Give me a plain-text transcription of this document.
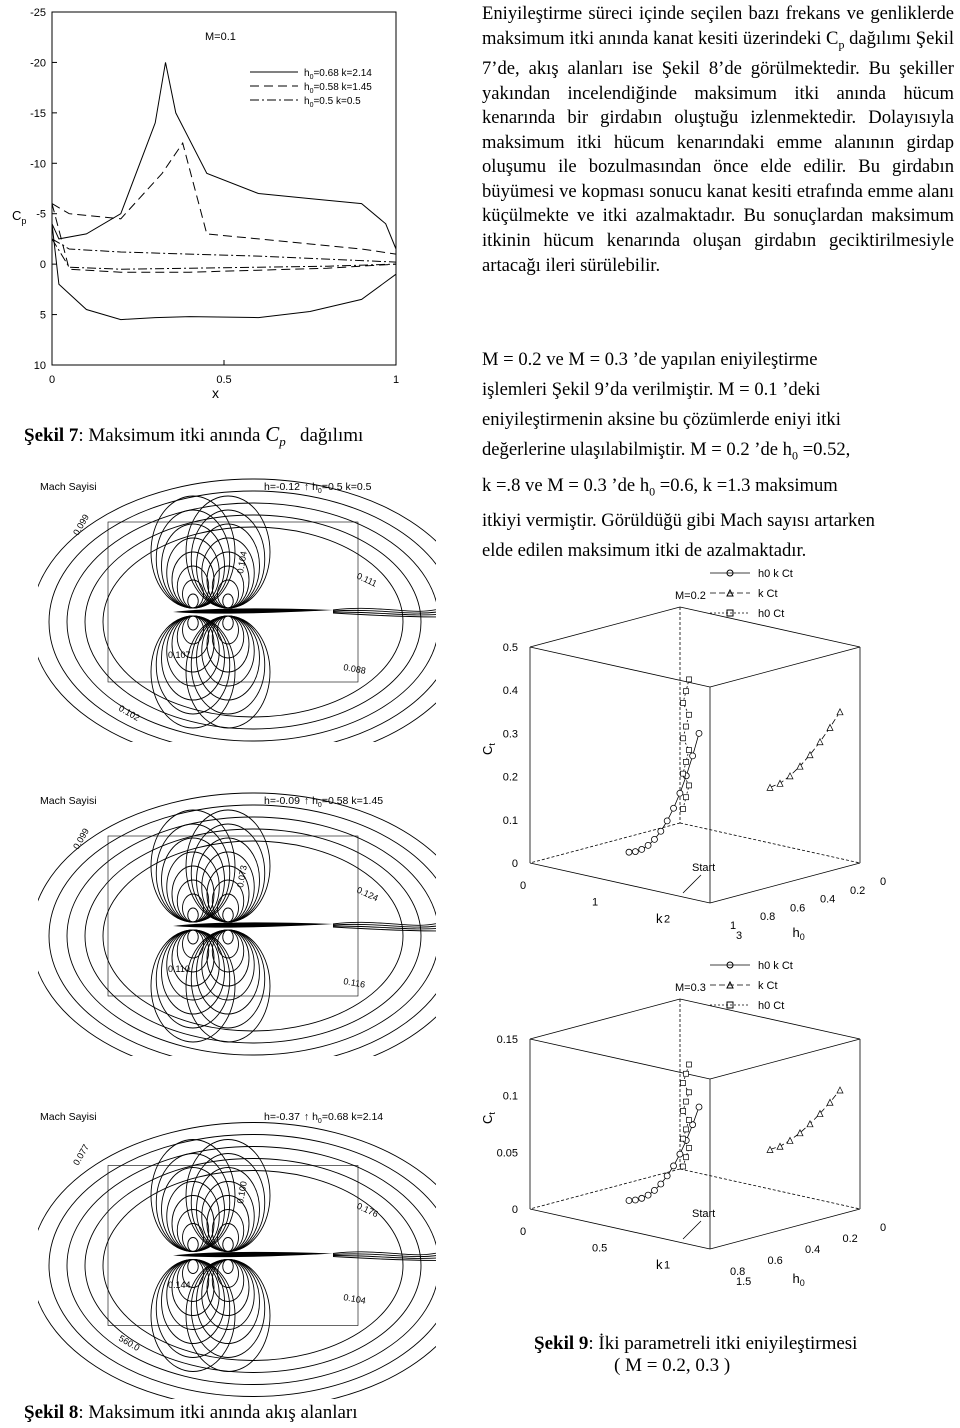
-25
-20
-15
-10
-5
0
5
10
0	0.5	1
M=0.1
$C_p$
x
$h_0=0.68$ k=2.14
$h_0=0.58$ k=1.45
$h_0=0.5$ k=0.5
Şekil 7: Maksimum itki anında $C_p$ dağılımı
Eniyileştirme süreci içinde seçilen bazı frekans ve genliklerde maksimum itki anında kanat kesiti üzerindeki $C_p$ dağılımı Şekil 7’de, akış alanları ise Şekil 8’de görülmektedir. Bu şekiller yakından incelendiğinde maksimum itki anında hücum kenarında bir girdabın oluştuğu izlenmektedir. Dolayısıyla maksimum itki hücum kenarındaki emme alanının girdap oluşumu ile bozulmasından önce elde edilir. Bu girdabın büyümesi ve kopması sonucu kanat kesiti etrafında emme alanı küçülmekte ve itki azalmaktadır. Bu sonuçlardan maksimum itkinin hücum kenarında oluşan girdabın geciktirilmesiyle artacağı ileri sürülebilir.
M = 0.2 ve M = 0.3 ’de yapılan eniyileştirme
işlemleri Şekil 9’da verilmiştir. M = 0.1 ’deki
eniyileştirmenin aksine bu çözümlerde eniyi itki
değerlerine ulaşılabilmiştir. M = 0.2 ’de $h_0 =0.52$,
k =.8 ve M = 0.3 ’de $h_0 =0.6$, k =1.3 maksimum
itkiyi vermiştir. Görüldüğü gibi Mach sayısı artarken
elde edilen maksimum itki de azalmaktadır.
Mach Sayisi	h=-0.12 ↑ $h_0=0.5$ k=0.5
0.099
0.104
0.111
0.107
0.088
0.102
Mach Sayisi	h=-0.09 ↑ $h_0=0.58$ k=1.45
0.099
0.073
0.124
0.110
0.116
Mach Sayisi	h=-0.37 ↑ $h_0=0.68$ k=2.14
0.077
0.100
0.176
0.144
0.104
560.0
Şekil 8: Maksimum itki anında akış alanları
M=0.2
0
0.1
0.2
0.3
0.4
0.5
$C_t$
0
1
2
3
k	1
0.8
0.6
0.4
0.2
0
$h_0$
Start
h0 k Ct
k Ct
h0 Ct
M=0.3
0
0.05
0.1
0.15
$C_t$
0
0.5
1
1.5
k	0.8
0.6
0.4
0.2
0
$h_0$
Start
h0 k Ct
k Ct
h0 Ct
Şekil 9: İki parametreli itki eniyileştirmesi
( M = 0.2, 0.3 )
